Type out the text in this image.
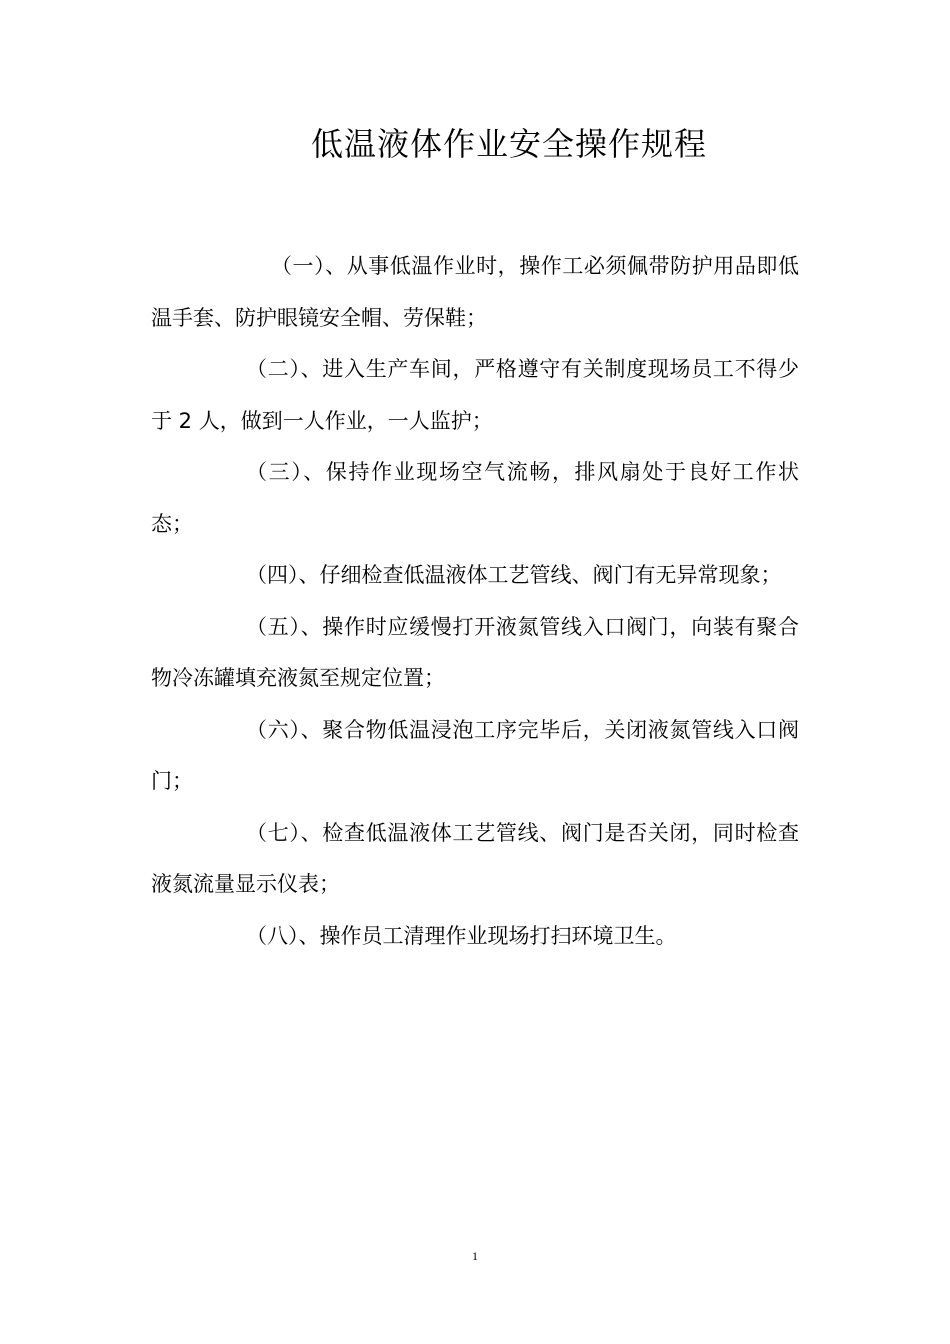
低温液体作业安全操作规程

（一）、从事低温作业时，操作工必须佩带防护用品即低温手套、防护眼镜安全帽、劳保鞋；

（二）、进入生产车间，严格遵守有关制度现场员工不得少于 2 人，做到一人作业，一人监护；

（三）、保持作业现场空气流畅，排风扇处于良好工作状态；

（四）、仔细检查低温液体工艺管线、阀门有无异常现象；

（五）、操作时应缓慢打开液氮管线入口阀门，向装有聚合物冷冻罐填充液氮至规定位置；

（六）、聚合物低温浸泡工序完毕后，关闭液氮管线入口阀门；

（七）、检查低温液体工艺管线、阀门是否关闭，同时检查液氮流量显示仪表；

（八）、操作员工清理作业现场打扫环境卫生。

1
